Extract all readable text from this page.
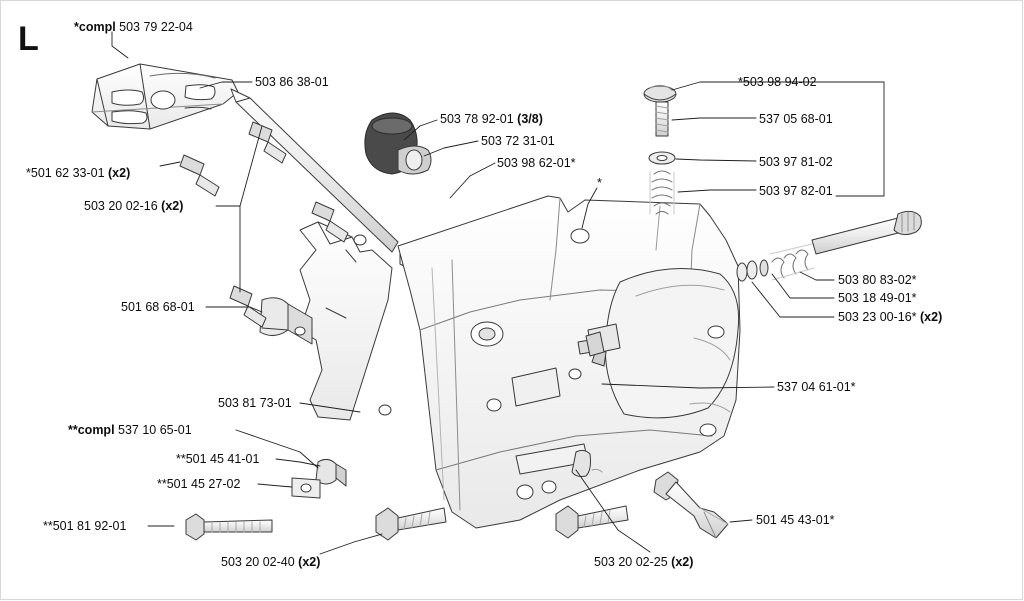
L	*compl 503 79 22-04
503 86 38-01
503 78 92-01 (3/8)
503 72 31-01
503 98 62-01*
*
*503 98 94-02
537 05 68-01
503 97 81-02
503 97 82-01
*501 62 33-01 (x2)
503 20 02-16 (x2)
501 68 68-01
503 81 73-01
**compl 537 10 65-01
**501 45 41-01
**501 45 27-02
**501 81 92-01
503 20 02-40 (x2)	503 20 02-25 (x2)
501 45 43-01*
537 04 61-01*
503 80 83-02*
503 18 49-01*
503 23 00-16* (x2)
